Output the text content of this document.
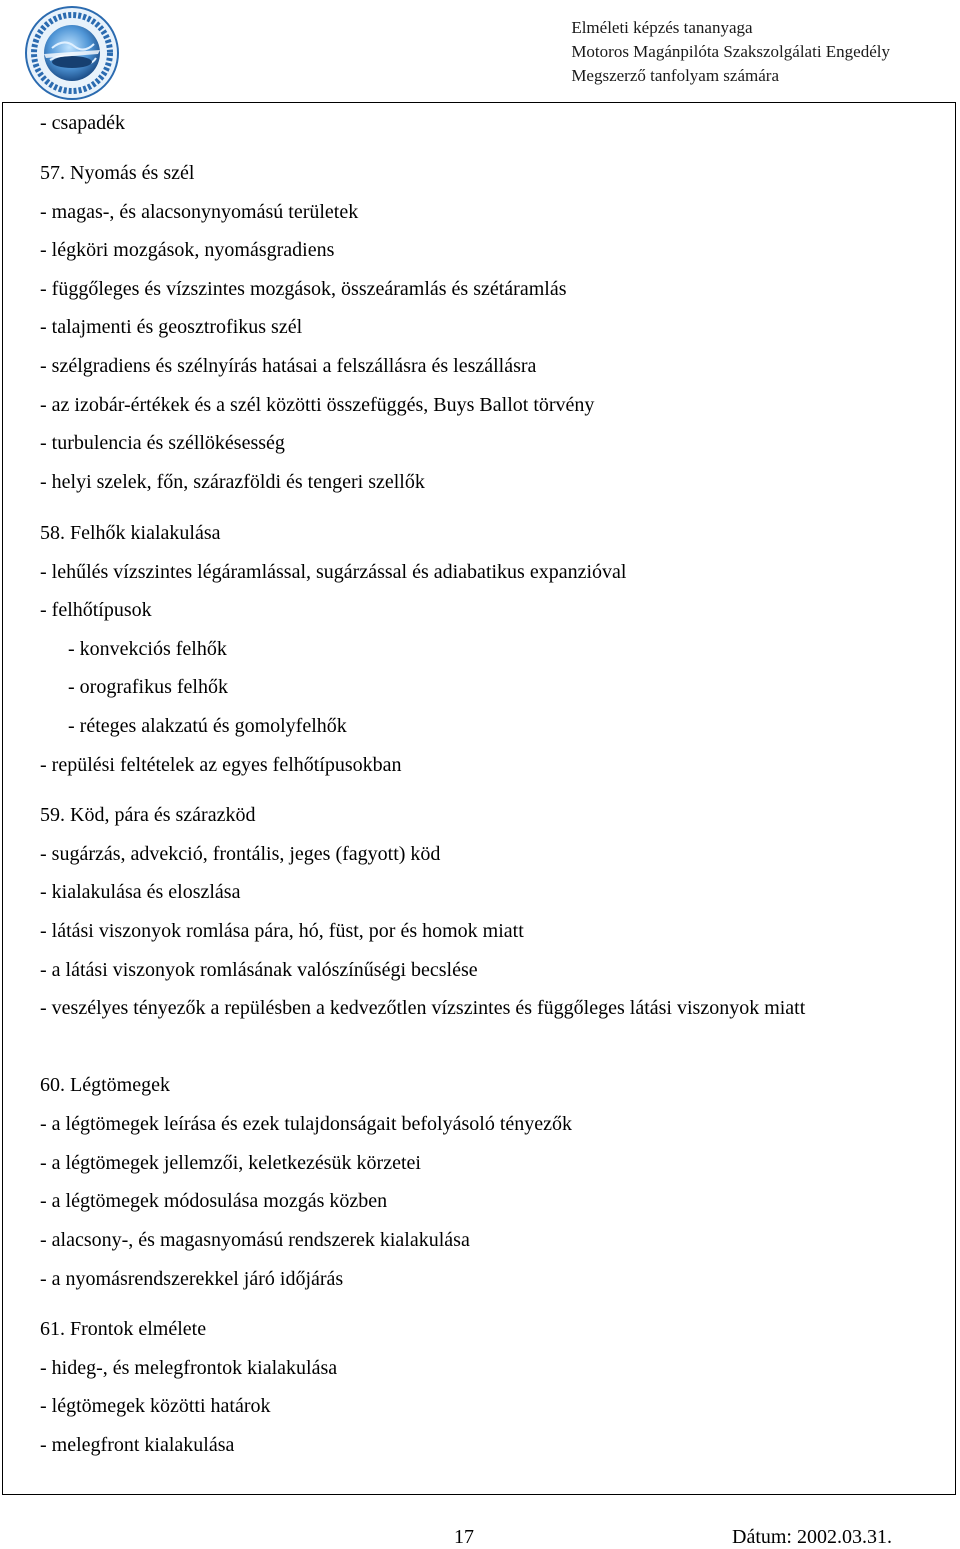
Elméleti képzés tananyaga
Motoros Magánpilóta Szakszolgálati Engedély
Megszerző tanfolyam számára
- csapadék
57. Nyomás és szél
- magas-, és alacsonynyomású területek
- légköri mozgások, nyomásgradiens
- függőleges és vízszintes mozgások, összeáramlás és szétáramlás
- talajmenti és geosztrofikus szél
- szélgradiens és szélnyírás hatásai a felszállásra és leszállásra
- az izobár-értékek és a szél közötti összefüggés, Buys Ballot törvény
- turbulencia és széllökésesség
- helyi szelek, főn, szárazföldi és tengeri szellők
58. Felhők kialakulása
- lehűlés vízszintes légáramlással, sugárzással és adiabatikus expanzióval
- felhőtípusok
- konvekciós felhők
- orografikus felhők
- réteges alakzatú és gomolyfelhők
- repülési feltételek az egyes felhőtípusokban
59. Köd, pára és szárazköd
- sugárzás, advekció, frontális, jeges (fagyott) köd
- kialakulása és eloszlása
- látási viszonyok romlása pára, hó, füst, por és homok miatt
- a látási viszonyok romlásának valószínűségi becslése
- veszélyes tényezők a repülésben a kedvezőtlen vízszintes és függőleges látási viszonyok miatt
60. Légtömegek
- a légtömegek leírása és ezek tulajdonságait befolyásoló tényezők
- a légtömegek jellemzői, keletkezésük körzetei
- a légtömegek módosulása mozgás közben
- alacsony-, és magasnyomású rendszerek kialakulása
- a nyomásrendszerekkel járó időjárás
61. Frontok elmélete
- hideg-, és melegfrontok kialakulása
- légtömegek közötti határok
- melegfront kialakulása
17	Dátum: 2002.03.31.
